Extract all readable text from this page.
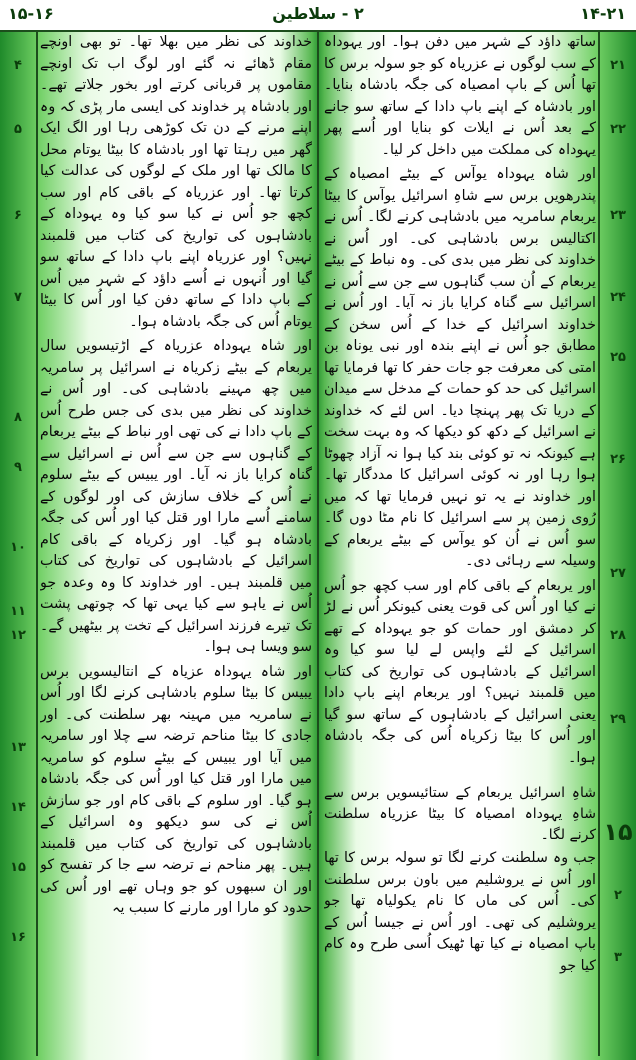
۱۵-۱۶	۲ - سلاطین	۱۴-۲۱
۲۱
۲۲
۲۳
۲۴
۲۵
۲۶
۲۷
۲۸
۲۹
۲
۳
۴
۵
۶
۷
۸
۹
۱۰
۱۱
۱۲
۱۳
۱۴
۱۵
۱۶
۱۵

ساتھ داؤد کے شہر میں دفن ہوا۔ اور یہوداہ کے سب لوگوں نے عزریاہ کو جو سولہ برس کا تھا اُس کے باپ امصیاہ کی جگہ بادشاہ بنایا۔ اور بادشاہ کے اپنے باپ دادا کے ساتھ سو جانے کے بعد اُس نے ایلات کو بنایا اور اُسے پھر یہوداہ کی مملکت میں داخل کر لیا۔

اور شاہ یہوداہ یوآس کے بیٹے امصیاہ کے پندرھویں برس سے شاہِ اسرائیل یوآس کا بیٹا یربعام سامریہ میں بادشاہی کرنے لگا۔ اُس نے اکتالیس برس بادشاہی کی۔ اور اُس نے خداوند کی نظر میں بدی کی۔ وہ نباط کے بیٹے یربعام کے اُن سب گناہوں سے جن سے اُس نے اسرائیل سے گناہ کرایا باز نہ آیا۔ اور اُس نے خداوند اسرائیل کے خدا کے اُس سخن کے مطابق جو اُس نے اپنے بندہ اور نبی یوناہ بن امتی کی معرفت جو جات حفر کا تھا فرمایا تھا اسرائیل کی حد کو حمات کے مدخل سے میدان کے دریا تک پھر پہنچا دیا۔ اس لئے کہ خداوند نے اسرائیل کے دکھ کو دیکھا کہ وہ بہت سخت ہے کیونکہ نہ تو کوئی بند کیا ہوا نہ آزاد چھوٹا ہوا رہا اور نہ کوئی اسرائیل کا مددگار تھا۔ اور خداوند نے یہ تو نہیں فرمایا تھا کہ میں رُوی زمین پر سے اسرائیل کا نام مٹا دوں گا۔ سو اُس نے اُن کو یوآس کے بیٹے یربعام کے وسیلہ سے رہائی دی۔

اور یربعام کے باقی کام اور سب کچھ جو اُس نے کیا اور اُس کی قوت یعنی کیونکر اُس نے لڑ کر دمشق اور حمات کو جو یہوداہ کے تھے اسرائیل کے لئے واپس لے لیا سو کیا وہ اسرائیل کے بادشاہوں کی تواریخ کی کتاب میں قلمبند نہیں؟ اور یربعام اپنے باپ دادا یعنی اسرائیل کے بادشاہوں کے ساتھ سو گیا اور اُس کا بیٹا زکریاہ اُس کی جگہ بادشاہ ہوا۔

شاہِ اسرائیل یربعام کے ستائیسویں برس سے شاہِ یہوداہ امصیاہ کا بیٹا عزریاہ سلطنت کرنے لگا۔

جب وہ سلطنت کرنے لگا تو سولہ برس کا تھا اور اُس نے یروشلیم میں باون برس سلطنت کی۔ اُس کی ماں کا نام یکولیاہ تھا جو یروشلیم کی تھی۔ اور اُس نے جیسا اُس کے باپ امصیاہ نے کیا تھا ٹھیک اُسی طرح وہ کام کیا جو

خداوند کی نظر میں بھلا تھا۔ تو بھی اونچے مقام ڈھائے نہ گئے اور لوگ اب تک اونچے مقاموں پر قربانی کرتے اور بخور جلاتے تھے۔ اور بادشاہ پر خداوند کی ایسی مار پڑی کہ وہ اپنے مرنے کے دن تک کوڑھی رہا اور الگ ایک گھر میں رہتا تھا اور بادشاہ کا بیٹا یوتام محل کا مالک تھا اور ملک کے لوگوں کی عدالت کیا کرتا تھا۔ اور عزریاہ کے باقی کام اور سب کچھ جو اُس نے کیا سو کیا وہ یہوداہ کے بادشاہوں کی تواریخ کی کتاب میں قلمبند نہیں؟ اور عزریاہ اپنے باپ دادا کے ساتھ سو گیا اور اُنہوں نے اُسے داؤد کے شہر میں اُس کے باپ دادا کے ساتھ دفن کیا اور اُس کا بیٹا یوتام اُس کی جگہ بادشاہ ہوا۔

اور شاہ یہوداہ عزریاہ کے اڑتیسویں سال یربعام کے بیٹے زکریاہ نے اسرائیل پر سامریہ میں چھ مہینے بادشاہی کی۔ اور اُس نے خداوند کی نظر میں بدی کی جس طرح اُس کے باپ دادا نے کی تھی اور نباط کے بیٹے یربعام کے گناہوں سے جن سے اُس نے اسرائیل سے گناہ کرایا باز نہ آیا۔ اور یبیس کے بیٹے سلوم نے اُس کے خلاف سازش کی اور لوگوں کے سامنے اُسے مارا اور قتل کیا اور اُس کی جگہ بادشاہ ہو گیا۔ اور زکریاہ کے باقی کام اسرائیل کے بادشاہوں کی تواریخ کی کتاب میں قلمبند ہیں۔ اور خداوند کا وہ وعدہ جو اُس نے یاہو سے کیا یہی تھا کہ چوتھی پشت تک تیرے فرزند اسرائیل کے تخت پر بیٹھیں گے۔ سو ویسا ہی ہوا۔

اور شاہ یہوداہ عزیاہ کے انتالیسویں برس یبیس کا بیٹا سلوم بادشاہی کرنے لگا اور اُس نے سامریہ میں مہینہ بھر سلطنت کی۔ اور جادی کا بیٹا مناحم ترضہ سے چلا اور سامریہ میں آیا اور یبیس کے بیٹے سلوم کو سامریہ میں مارا اور قتل کیا اور اُس کی جگہ بادشاہ ہو گیا۔ اور سلوم کے باقی کام اور جو سازش اُس نے کی سو دیکھو وہ اسرائیل کے بادشاہوں کی تواریخ کی کتاب میں قلمبند ہیں۔ پھر مناحم نے ترضہ سے جا کر تفسح کو اور ان سبھوں کو جو وہاں تھے اور اُس کی حدود کو مارا اور مارنے کا سبب یہ
